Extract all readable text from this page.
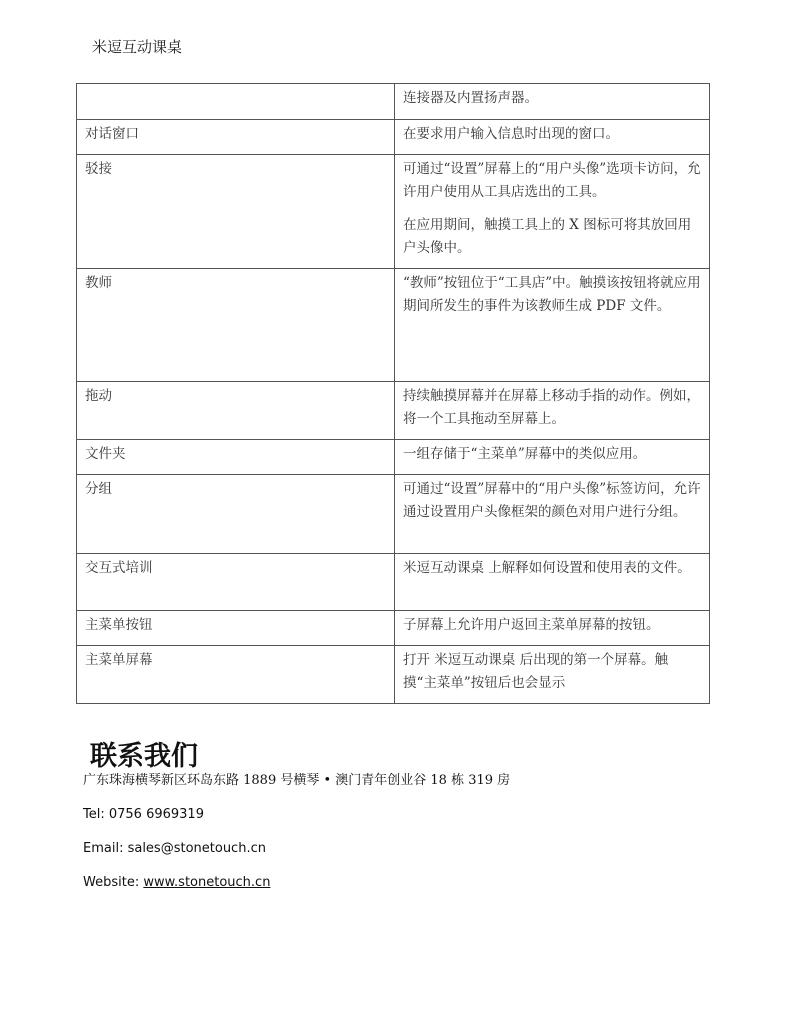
米逗互动课桌

	连接器及内置扬声器。

对话窗口	在要求用户输入信息时出现的窗口。

驳接	可通过“设置”屏幕上的“用户头像”选项卡访问，允许用户使用从工具店选出的工具。

在应用期间，触摸工具上的 X 图标可将其放回用户头像中。

教师	“教师”按钮位于“工具店”中。触摸该按钮将就应用期间所发生的事件为该教师生成 PDF 文件。

拖动	持续触摸屏幕并在屏幕上移动手指的动作。例如，将一个工具拖动至屏幕上。

文件夹	一组存储于“主菜单”屏幕中的类似应用。

分组	可通过“设置”屏幕中的“用户头像”标签访问，允许通过设置用户头像框架的颜色对用户进行分组。

交互式培训	米逗互动课桌 上解释如何设置和使用表的文件。

主菜单按钮	子屏幕上允许用户返回主菜单屏幕的按钮。

主菜单屏幕	打开 米逗互动课桌 后出现的第一个屏幕。触摸“主菜单”按钮后也会显示

联系我们
广东珠海横琴新区环岛东路 1889 号横琴 • 澳门青年创业谷 18 栋 319 房
Tel: 0756 6969319
Email: sales@stonetouch.cn
Website: www.stonetouch.cn
